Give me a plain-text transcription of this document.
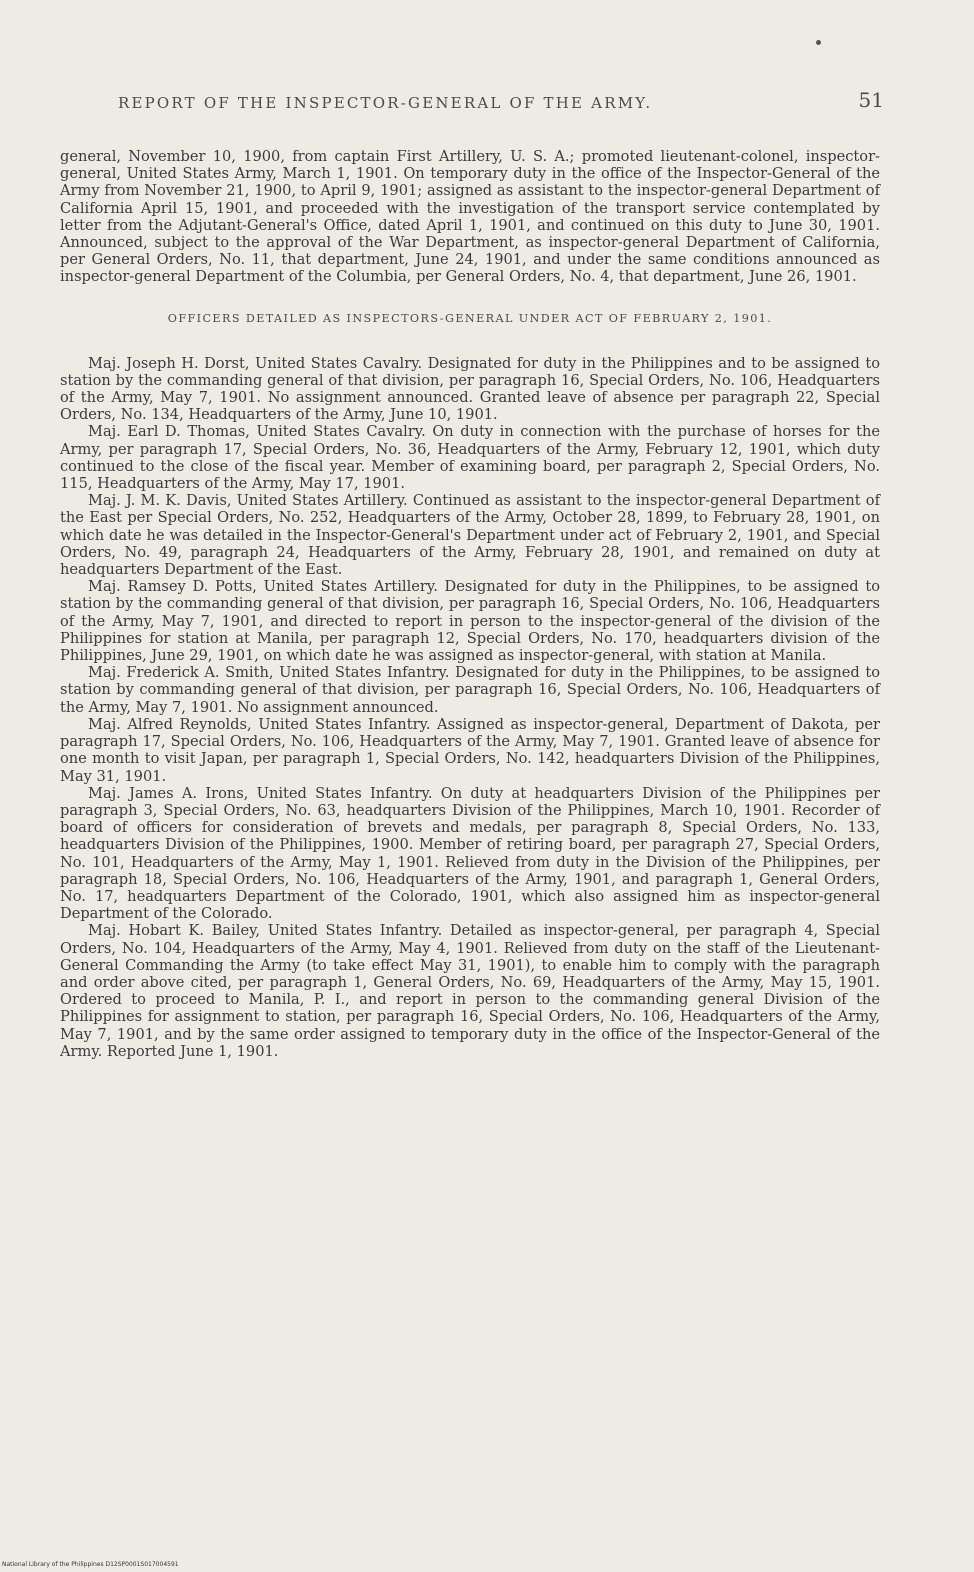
REPORT OF THE INSPECTOR-GENERAL OF THE ARMY.	51

general, November 10, 1900, from captain First Artillery, U. S. A.; promoted lieutenant-colonel, inspector-general, United States Army, March 1, 1901. On temporary duty in the office of the Inspector-General of the Army from November 21, 1900, to April 9, 1901; assigned as assistant to the inspector-general Department of California April 15, 1901, and proceeded with the investigation of the transport service contemplated by letter from the Adjutant-General's Office, dated April 1, 1901, and continued on this duty to June 30, 1901. Announced, subject to the approval of the War Department, as inspector-general Department of California, per General Orders, No. 11, that department, June 24, 1901, and under the same conditions announced as inspector-general Department of the Columbia, per General Orders, No. 4, that department, June 26, 1901.

OFFICERS DETAILED AS INSPECTORS-GENERAL UNDER ACT OF FEBRUARY 2, 1901.

Maj. Joseph H. Dorst, United States Cavalry. Designated for duty in the Philippines and to be assigned to station by the commanding general of that division, per paragraph 16, Special Orders, No. 106, Headquarters of the Army, May 7, 1901. No assignment announced. Granted leave of absence per paragraph 22, Special Orders, No. 134, Headquarters of the Army, June 10, 1901.

Maj. Earl D. Thomas, United States Cavalry. On duty in connection with the purchase of horses for the Army, per paragraph 17, Special Orders, No. 36, Headquarters of the Army, February 12, 1901, which duty continued to the close of the fiscal year. Member of examining board, per paragraph 2, Special Orders, No. 115, Headquarters of the Army, May 17, 1901.

Maj. J. M. K. Davis, United States Artillery. Continued as assistant to the inspector-general Department of the East per Special Orders, No. 252, Headquarters of the Army, October 28, 1899, to February 28, 1901, on which date he was detailed in the Inspector-General's Department under act of February 2, 1901, and Special Orders, No. 49, paragraph 24, Headquarters of the Army, February 28, 1901, and remained on duty at headquarters Department of the East.

Maj. Ramsey D. Potts, United States Artillery. Designated for duty in the Philippines, to be assigned to station by the commanding general of that division, per paragraph 16, Special Orders, No. 106, Headquarters of the Army, May 7, 1901, and directed to report in person to the inspector-general of the division of the Philippines for station at Manila, per paragraph 12, Special Orders, No. 170, headquarters division of the Philippines, June 29, 1901, on which date he was assigned as inspector-general, with station at Manila.

Maj. Frederick A. Smith, United States Infantry. Designated for duty in the Philippines, to be assigned to station by commanding general of that division, per paragraph 16, Special Orders, No. 106, Headquarters of the Army, May 7, 1901. No assignment announced.

Maj. Alfred Reynolds, United States Infantry. Assigned as inspector-general, Department of Dakota, per paragraph 17, Special Orders, No. 106, Headquarters of the Army, May 7, 1901. Granted leave of absence for one month to visit Japan, per paragraph 1, Special Orders, No. 142, headquarters Division of the Philippines, May 31, 1901.

Maj. James A. Irons, United States Infantry. On duty at headquarters Division of the Philippines per paragraph 3, Special Orders, No. 63, headquarters Division of the Philippines, March 10, 1901. Recorder of board of officers for consideration of brevets and medals, per paragraph 8, Special Orders, No. 133, headquarters Division of the Philippines, 1900. Member of retiring board, per paragraph 27, Special Orders, No. 101, Headquarters of the Army, May 1, 1901. Relieved from duty in the Division of the Philippines, per paragraph 18, Special Orders, No. 106, Headquarters of the Army, 1901, and paragraph 1, General Orders, No. 17, headquarters Department of the Colorado, 1901, which also assigned him as inspector-general Department of the Colorado.

Maj. Hobart K. Bailey, United States Infantry. Detailed as inspector-general, per paragraph 4, Special Orders, No. 104, Headquarters of the Army, May 4, 1901. Relieved from duty on the staff of the Lieutenant-General Commanding the Army (to take effect May 31, 1901), to enable him to comply with the paragraph and order above cited, per paragraph 1, General Orders, No. 69, Headquarters of the Army, May 15, 1901. Ordered to proceed to Manila, P. I., and report in person to the commanding general Division of the Philippines for assignment to station, per paragraph 16, Special Orders, No. 106, Headquarters of the Army, May 7, 1901, and by the same order assigned to temporary duty in the office of the Inspector-General of the Army. Reported June 1, 1901.

National Library of the Philippines D12SP0001S017004591
